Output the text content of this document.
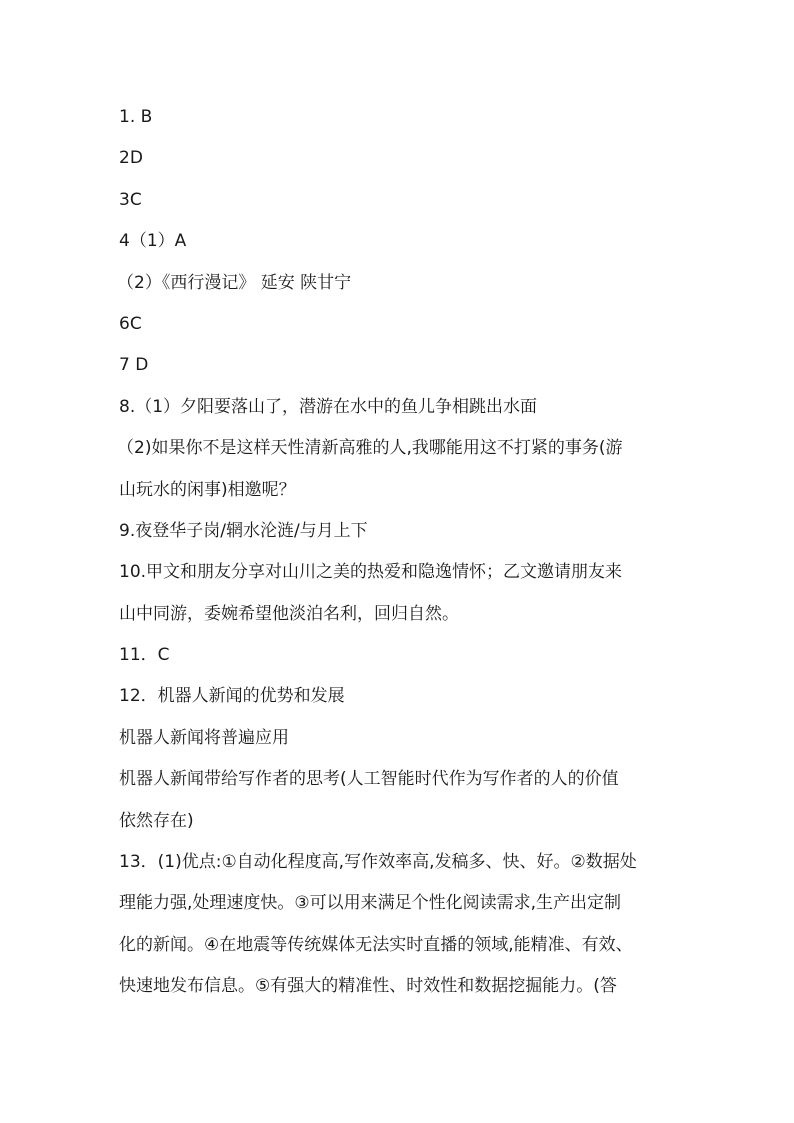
1. B
2D
3C
4（1）A
（2）《西行漫记》 延安 陕甘宁
6C
7 D
8.（1）夕阳要落山了，潜游在水中的鱼儿争相跳出水面
（2)如果你不是这样天性清新高雅的人,我哪能用这不打紧的事务(游
山玩水的闲事)相邀呢？
9.夜登华子岗/辋水沦涟/与月上下
10.甲文和朋友分享对山川之美的热爱和隐逸情怀；乙文邀请朋友来
山中同游，委婉希望他淡泊名利，回归自然。
11．C
12．机器人新闻的优势和发展
机器人新闻将普遍应用
机器人新闻带给写作者的思考(人工智能时代作为写作者的人的价值
依然存在)
13．(1)优点:①自动化程度高,写作效率高,发稿多、快、好。②数据处
理能力强,处理速度快。③可以用来满足个性化阅读需求,生产出定制
化的新闻。④在地震等传统媒体无法实时直播的领域,能精准、有效、
快速地发布信息。⑤有强大的精准性、时效性和数据挖掘能力。(答
